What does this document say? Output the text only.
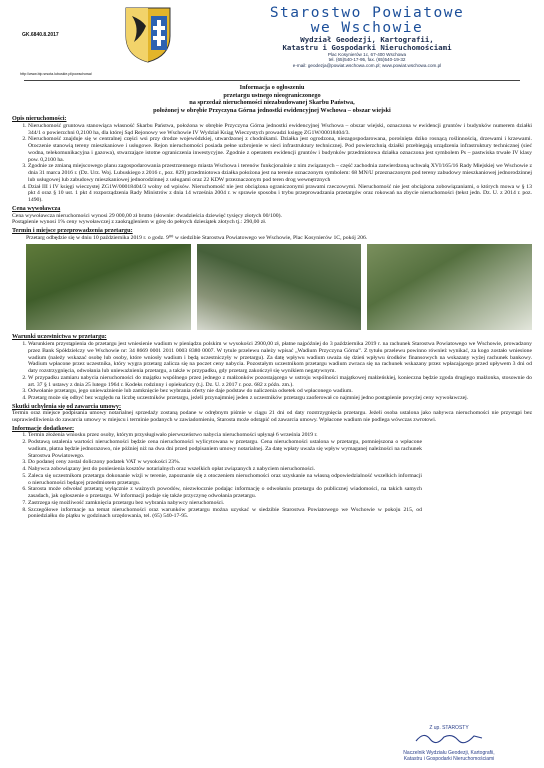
GK.6840.8.2017
http://www.bip.srsota.lubuskie.pl/powschowa/
Starostwo Powiatowe
we Wschowie
Wydział Geodezji, Kartografii,
Katastru i Gospodarki Nieruchomościami
Plac Kosynierów 1c, 67-400 Wschowa
tel. (65)540-17-95, fax. (65)540-19-32
e-mail: geodezja@powiat.wschowa.com.pl; www.powiat.wschowa.com.pl
Informacja o ogłoszeniu
przetargu ustnego nieograniczonego
na sprzedaż nieruchomości niezabudowanej Skarbu Państwa,
położonej w obrębie Przyczyna Górna jednostki ewidencyjnej Wschowa – obszar wiejski
Opis nieruchomości:
1. Nieruchomość gruntowa stanowiąca własność Skarbu Państwa, położona w obrębie Przyczyna Górna jednostki ewidencyjnej Wschowa – obszar wiejski, oznaczona w ewidencji gruntów i budynków numerem działki 344/1 o powierzchni 0,2100 ha, dla której Sąd Rejonowy we Wschowie IV Wydział Ksiąg Wieczystych prowadzi księgę ZG1W/00018404/3.
2. Nieruchomość znajduje się w centralnej części wsi przy drodze wojewódzkiej, utwardzonej z chodnikami. Działka jest ogrodzona, niezagospodarowana, porośnięta dziko rosnącą roślinnością, drzewami i krzewami. Otoczenie stanowią tereny mieszkaniowe i usługowe. Rejon nieruchomości posiada pełne uzbrojenie w sieci infrastruktury technicznej. Pod powierzchnią działki przebiegają urządzenia infrastruktury technicznej (sieć wodna, telekomunikacyjna i gazowa), stwarzające istotne ograniczenia inwestycyjne. Zgodnie z operatem ewidencji gruntów i budynków przedmiotowa działka oznaczona jest symbolem Ps – pastwiska trwałe IV klasy pow. 0,2100 ha.
3. Zgodnie ze zmianą miejscowego planu zagospodarowania przestrzennego miasta Wschowa i terenów funkcjonalnie z nim związanych – część zachodnia zatwierdzoną uchwałą XVI/165/16 Rady Miejskiej we Wschowie z dnia 31 marca 2016 r. (Dz. Urz. Woj. Lubuskiego z 2016 r., poz. 829) przedmiotowa działka położona jest na terenie oznaczonym symbolem: 68 MN/U przeznaczonym pod tereny zabudowy mieszkaniowej jednorodzinnej lub usługowej lub zabudowy mieszkaniowej jednorodzinnej z usługami oraz 22 KDW przeznaczonym pod teren drog wewnętrznych
4. Dział III i IV księgi wieczystej ZG1W/00018404/3 wolny od wpisów. Nieruchomość nie jest obciążona ograniczonymi prawami rzeczowymi. Nieruchomość nie jest obciążona zobowiązaniami, o których mowa w § 13 pkt 4 oraz § 10 ust. 1 pkt 4 rozporządzenia Rady Ministrów z dnia 14 września 2004 r. w sprawie sposobu i trybu przeprowadzania przetargów oraz rokowań na zbycie nieruchomości (tekst jedn. Dz. U. z 2014 r. poz. 1490).
Cena wywoławcza

Cena wywoławcza nieruchomości wynosi 29 000,00 zł brutto (słownie: dwadzieścia dziewięć tysięcy złotych 00/100).

Postąpienie wynosi 1% ceny wywoławczej z zaokrągleniem w górę do pełnych dziesiątek złotych tj.: 290,00 zł.

Termin i miejsce przeprowadzenia przetargu:

Przetarg odbędzie się w dniu 10 października 2019 r. o godz. 9⁰⁰ w siedzibie Starostwa Powiatowego we Wschowie, Plac Kosynierów 1C, pokój 206.

Warunki uczestnictwa w przetargu:
1. Warunkiem przystąpienia do przetargu jest wniesienie wadium w pieniądzu polskim w wysokości 2900,00 zł, płatne najpóźniej do 3 października 2019 r. na rachunek Starostwa Powiatowego we Wschowie, prowadzony przez Bank Spółdzielczy we Wschowie nr: 34 8669 0001 2011 0003 8380 0007. W tytule przelewu należy wpisać „Wadium Przyczyna Górna”. Z tytułu przelewu powinno również wynikać, za kogo zostało wniesione wadium (należy wskazać osobę lub osoby, które wniosły wadium i będą uczestniczyły w przetargu). Za datę wpływu wadium uważa się dzień wpływu środków finansowych na wskazany wyżej rachunek bankowy. Wadium wpłacone przez uczestnika, który wygra przetarg zalicza się na poczet ceny nabycia. Pozostałym uczestnikom przetargu wadium zwraca się na rachunek wskazany przez wpłacającego przed upływem 3 dni od daty rozstrzygnięcia, odwołania lub unieważnienia przetargu, a także w przypadku, gdy przetarg zakończył się wynikiem negatywnym.
2. W przypadku zamiaru nabycia nieruchomości do majątku wspólnego przez jednego z małżonków pozostającego w ustroju wspólności majątkowej małżeńskiej, konieczna będzie zgoda drugiego małżonka, stosownie do art. 37 § 1 ustawy z dnia 25 lutego 1964 r. Kodeks rodzinny i opiekuńczy (t.j. Dz. U. z 2017 r. poz. 682 z późn. zm.).
3. Odwołanie przetargu, jego unieważnienie lub zamknięcie bez wybrania oferty nie daje podstaw do naliczenia odsetek od wpłaconego wadium.
4. Przetarg może się odbyć bez względu na liczbę uczestników przetargu, jeżeli przynajmniej jeden z uczestników przetargu zaoferował co najmniej jedno postąpienie powyżej ceny wywoławczej.
Skutki uchylenia się od zawarcia umowy:

Termin oraz miejsce podpisania umowy notarialnej sprzedaży zostaną podane w odrębnym piśmie w ciągu 21 dni od daty rozstrzygnięcia przetargu. Jeżeli osoba ustalona jako nabywca nieruchomości nie przystąpi bez usprawiedliwienia do zawarcia umowy w miejscu i terminie podanych w zawiadomieniu, Starosta może odstąpić od zawarcia umowy. Wpłacone wadium nie podlega wówczas zwrotowi.

Informacje dodatkowe:
1. Termin złożenia wniosku przez osoby, którym przysługiwało pierwszeństwo nabycia nieruchomości upłynął 6 września 2019 r.
2. Podstawą ustalenia wartości nieruchomości będzie cena nieruchomości wylicytowana w przetargu. Cena nieruchomości ustalona w przetargu, pomniejszona o wpłacone wadium, płatna będzie jednorazowo, nie później niż na dwa dni przed podpisaniem umowy notarialnej. Za datę wpłaty uważa się wpływ wymaganej należności na rachunek Starostwa Powiatowego.
3. Do podanej ceny zostal doliczony podatek VAT w wysokości 23%.
4. Nabywca zobowiązany jest do poniesienia kosztów notarialnych oraz wszelkich opłat związanych z nabyciem nieruchomości.
5. Zaleca się uczestnikom przetargu dokonanie wizji w terenie, zapoznanie się z otoczeniem nieruchomości oraz uzyskanie na własną odpowiedzialność wszelkich informacji o nieruchomości będącej przedmiotem przetargu.
6. Starosta może odwołać przetarg wyłącznie z ważnych powodów, niezwłocznie podając informację o odwołaniu przetargu do publicznej wiadomości, na takich samych zasadach, jak ogłoszenie o przetargu. W informacji podaje się także przyczynę odwołania przetargu.
7. Zastrzega się możliwość zamknięcia przetargu bez wybrania nabywcy nieruchomości.
8. Szczegółowe informacje na temat nieruchomości oraz warunków przetargu można uzyskać w siedzibie Starostwa Powiatowego we Wschowie w pokoju 215, od poniedziałku do piątku w godzinach urzędowania, tel. (65) 540-17-95.
Z up. STAROSTY
Naczelnik Wydziału Geodezji, Kartografii, Katastru i Gospodarki Nieruchomościami
